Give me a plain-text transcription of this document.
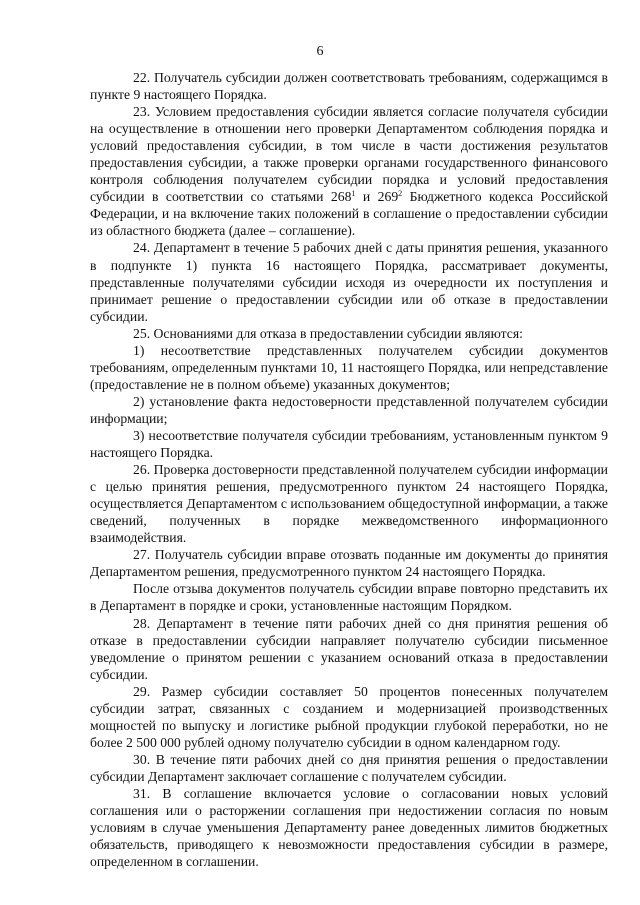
6

22. Получатель субсидии должен соответствовать требованиям, содержащимся в пункте 9 настоящего Порядка.

23. Условием предоставления субсидии является согласие получателя субсидии на осуществление в отношении него проверки Департаментом соблюдения порядка и условий предоставления субсидии, в том числе в части достижения результатов предоставления субсидии, а также проверки органами государственного финансового контроля соблюдения получателем субсидии порядка и условий предоставления субсидии в соответствии со статьями $268^1$ и $269^2$ Бюджетного кодекса Российской Федерации, и на включение таких положений в соглашение о предоставлении субсидии из областного бюджета (далее – соглашение).

24. Департамент в течение 5 рабочих дней с даты принятия решения, указанного в подпункте 1) пункта 16 настоящего Порядка, рассматривает документы, представленные получателями субсидии исходя из очередности их поступления и принимает решение о предоставлении субсидии или об отказе в предоставлении субсидии.

25. Основаниями для отказа в предоставлении субсидии являются:

1) несоответствие представленных получателем субсидии документов требованиям, определенным пунктами 10, 11 настоящего Порядка, или непредставление (предоставление не в полном объеме) указанных документов;

2) установление факта недостоверности представленной получателем субсидии информации;

3) несоответствие получателя субсидии требованиям, установленным пунктом 9 настоящего Порядка.

26. Проверка достоверности представленной получателем субсидии информации с целью принятия решения, предусмотренного пунктом 24 настоящего Порядка, осуществляется Департаментом с использованием общедоступной информации, а также сведений, полученных в порядке межведомственного информационного взаимодействия.

27. Получатель субсидии вправе отозвать поданные им документы до принятия Департаментом решения, предусмотренного пунктом 24 настоящего Порядка.

После отзыва документов получатель субсидии вправе повторно представить их в Департамент в порядке и сроки, установленные настоящим Порядком.

28. Департамент в течение пяти рабочих дней со дня принятия решения об отказе в предоставлении субсидии направляет получателю субсидии письменное уведомление о принятом решении с указанием оснований отказа в предоставлении субсидии.

29. Размер субсидии составляет 50 процентов понесенных получателем субсидии затрат, связанных с созданием и модернизацией производственных мощностей по выпуску и логистике рыбной продукции глубокой переработки, но не более 2 500 000 рублей одному получателю субсидии в одном календарном году.

30. В течение пяти рабочих дней со дня принятия решения о предоставлении субсидии Департамент заключает соглашение с получателем субсидии.

31. В соглашение включается условие о согласовании новых условий соглашения или о расторжении соглашения при недостижении согласия по новым условиям в случае уменьшения Департаменту ранее доведенных лимитов бюджетных обязательств, приводящего к невозможности предоставления субсидии в размере, определенном в соглашении.
